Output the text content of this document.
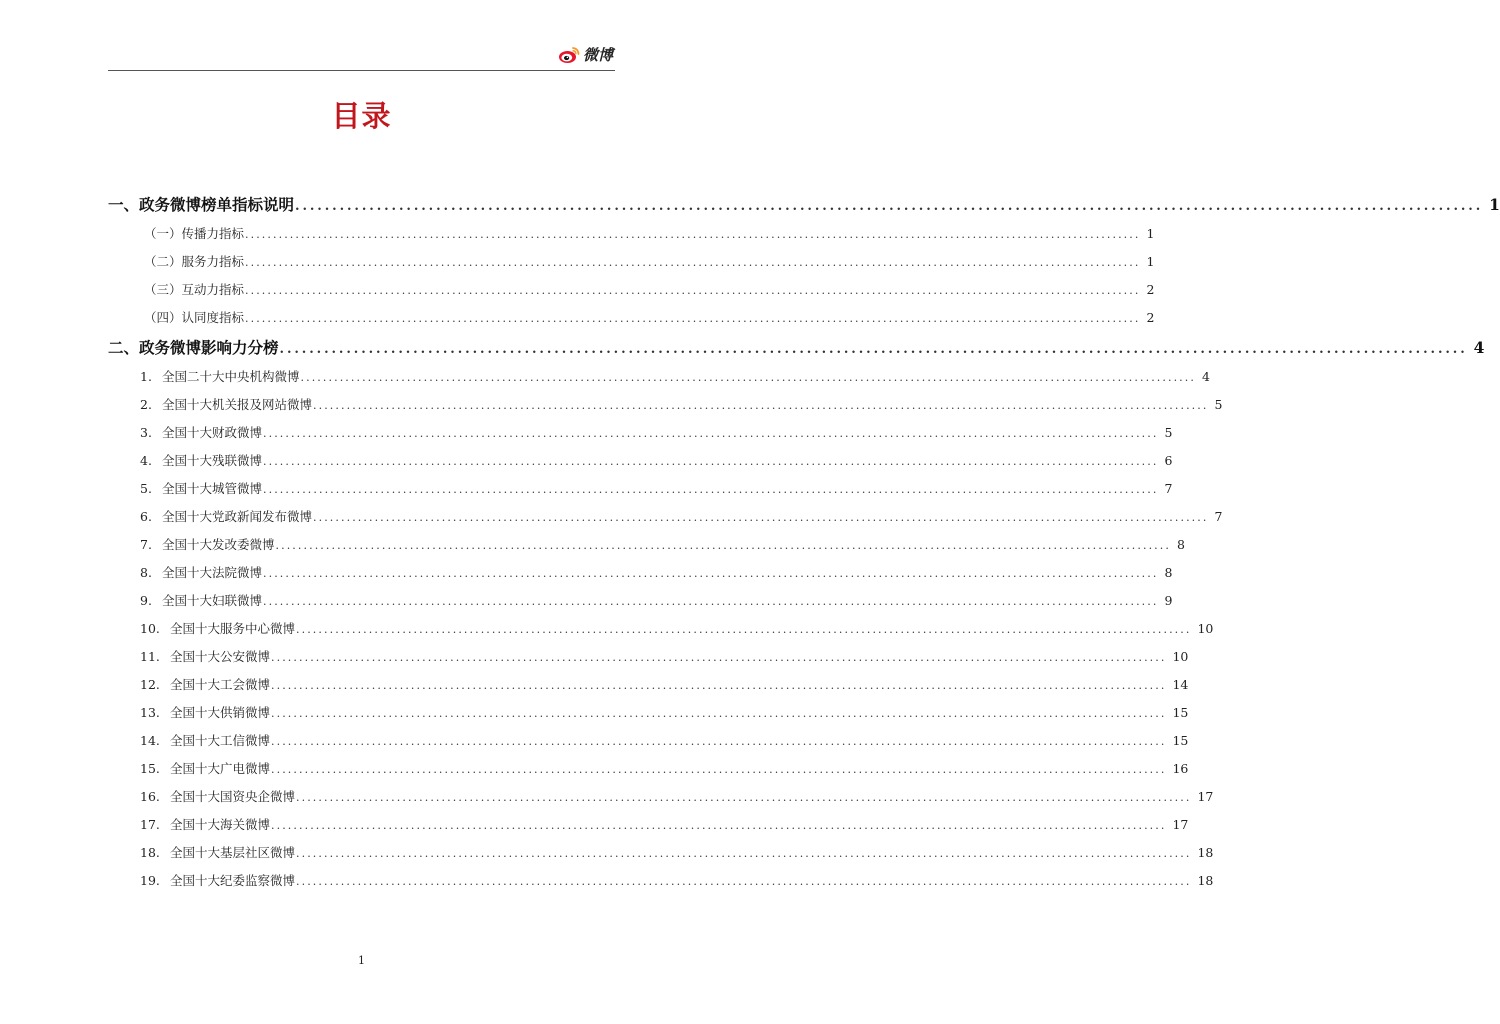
微博
目录
一、政务微博榜单指标说明 ................................................................................................................................................................ 1
（一）传播力指标 ................................................................................................................................................................ 1
（二）服务力指标 ................................................................................................................................................................ 1
（三）互动力指标 ................................................................................................................................................................ 2
（四）认同度指标 ................................................................................................................................................................ 2
二、政务微博影响力分榜 ................................................................................................................................................................ 4
1. 全国二十大中央机构微博 ................................................................................................................................................................ 4
2. 全国十大机关报及网站微博 ................................................................................................................................................................ 5
3. 全国十大财政微博 ................................................................................................................................................................ 5
4. 全国十大残联微博 ................................................................................................................................................................ 6
5. 全国十大城管微博 ................................................................................................................................................................ 7
6. 全国十大党政新闻发布微博 ................................................................................................................................................................ 7
7. 全国十大发改委微博 ................................................................................................................................................................ 8
8. 全国十大法院微博 ................................................................................................................................................................ 8
9. 全国十大妇联微博 ................................................................................................................................................................ 9
10. 全国十大服务中心微博 ................................................................................................................................................................ 10
11. 全国十大公安微博 ................................................................................................................................................................ 10
12. 全国十大工会微博 ................................................................................................................................................................ 14
13. 全国十大供销微博 ................................................................................................................................................................ 15
14. 全国十大工信微博 ................................................................................................................................................................ 15
15. 全国十大广电微博 ................................................................................................................................................................ 16
16. 全国十大国资央企微博 ................................................................................................................................................................ 17
17. 全国十大海关微博 ................................................................................................................................................................ 17
18. 全国十大基层社区微博 ................................................................................................................................................................ 18
19. 全国十大纪委监察微博 ................................................................................................................................................................ 18
1
